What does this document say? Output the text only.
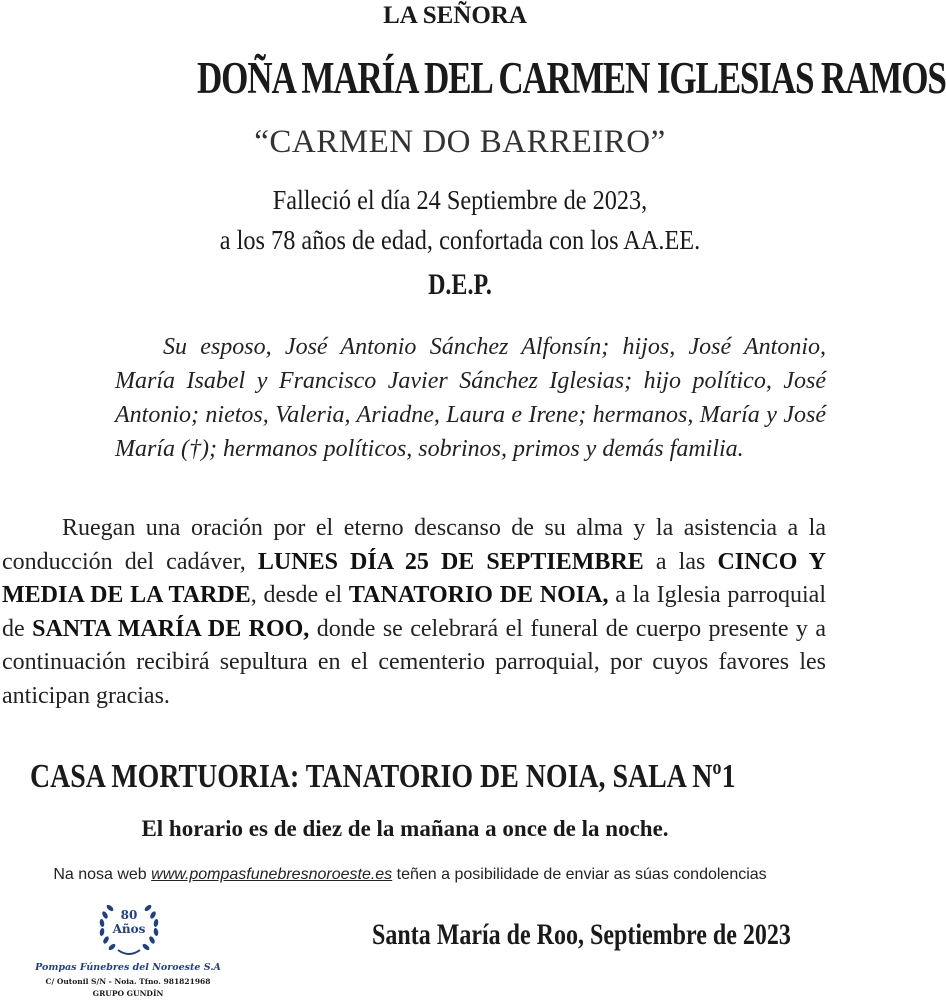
LA SEÑORA
DOÑA MARÍA DEL CARMEN IGLESIAS RAMOS
“CARMEN DO BARREIRO”
Falleció el día 24 Septiembre de 2023,
a los 78 años de edad, confortada con los AA.EE.
D.E.P.
Su esposo, José Antonio Sánchez Alfonsín; hijos, José Antonio, María Isabel y Francisco Javier Sánchez Iglesias; hijo político, José Antonio; nietos, Valeria, Ariadne, Laura e Irene; hermanos, María y José María (†); hermanos políticos, sobrinos, primos y demás familia.
Ruegan una oración por el eterno descanso de su alma y la asistencia a la conducción del cadáver, LUNES DÍA 25 DE SEPTIEMBRE a las CINCO Y MEDIA DE LA TARDE, desde el TANATORIO DE NOIA, a la Iglesia parroquial de SANTA MARÍA DE ROO, donde se celebrará el funeral de cuerpo presente y a continuación recibirá sepultura en el cementerio parroquial, por cuyos favores les anticipan gracias.
CASA MORTUORIA: TANATORIO DE NOIA, SALA Nº1
El horario es de diez de la mañana a once de la noche.
Na nosa web www.pompasfunebresnoroeste.es teñen a posibilidade de enviar as súas condolencias
80
Años
Pompas Fúnebres del Noroeste S.A
C/ Outonil S/N - Noia. Tfno. 981821968
GRUPO GUNDÍN
Santa María de Roo, Septiembre de 2023
